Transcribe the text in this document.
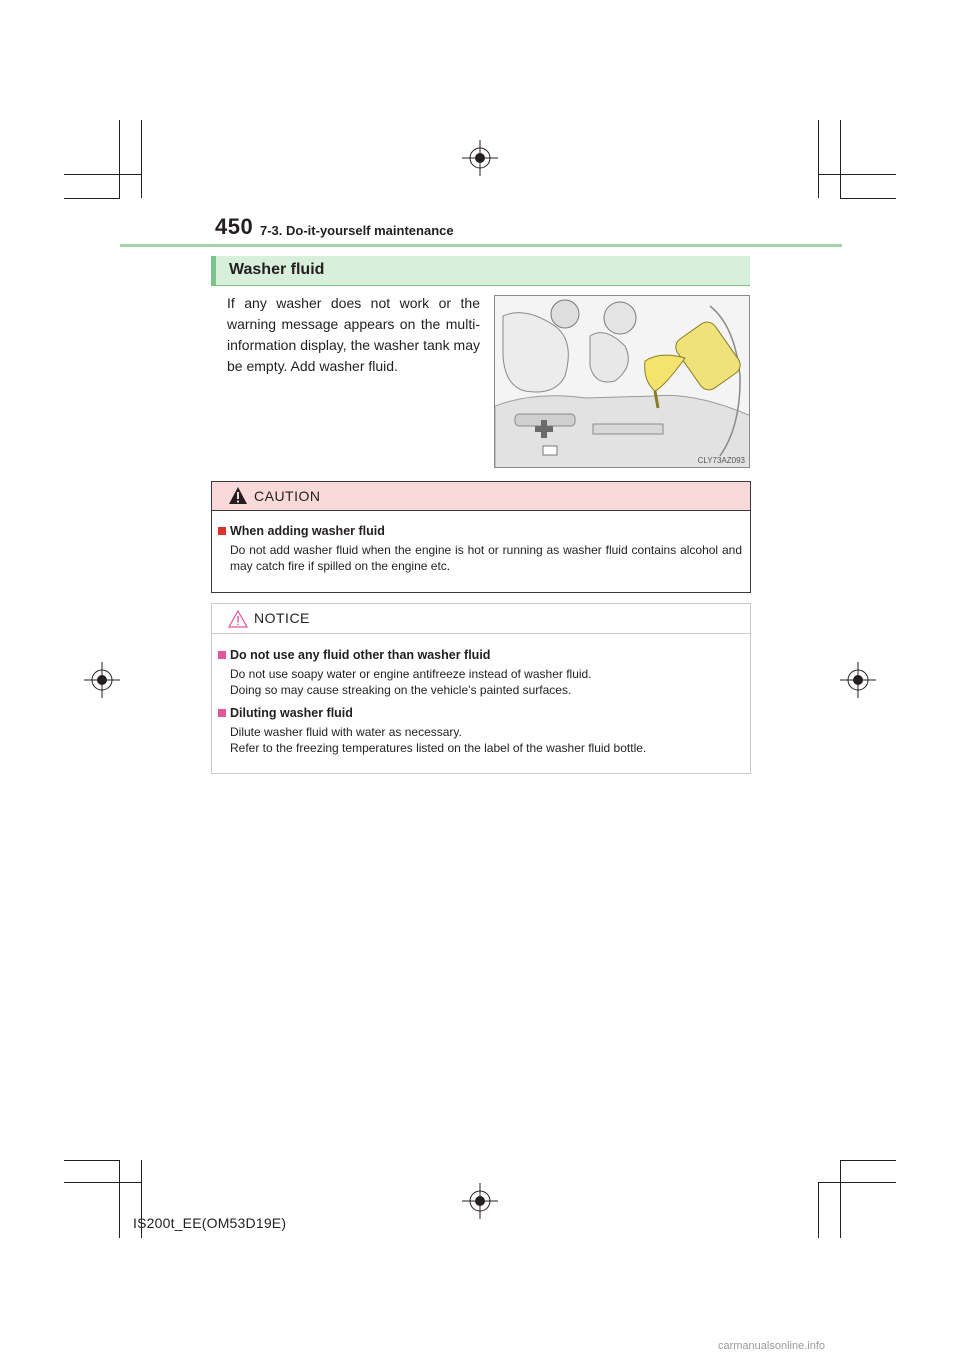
450 7-3. Do-it-yourself maintenance
Washer fluid
If any washer does not work or the warning message appears on the multi-information display, the washer tank may be empty. Add washer fluid.
CLY73AZ093
CAUTION
When adding washer fluid
Do not add washer fluid when the engine is hot or running as washer fluid contains alcohol and may catch fire if spilled on the engine etc.
NOTICE
Do not use any fluid other than washer fluid
Do not use soapy water or engine antifreeze instead of washer fluid.
Doing so may cause streaking on the vehicle’s painted surfaces.
Diluting washer fluid
Dilute washer fluid with water as necessary.
Refer to the freezing temperatures listed on the label of the washer fluid bottle.
IS200t_EE(OM53D19E)
carmanualsonline.info
